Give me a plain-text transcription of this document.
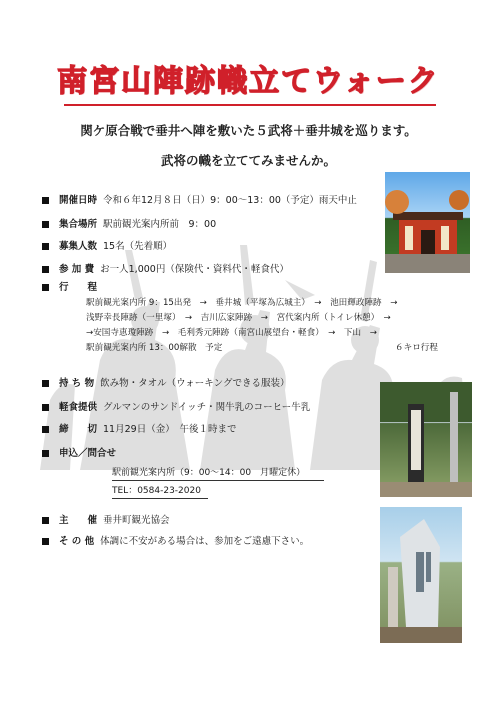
南宮山陣跡幟立てウォーク
関ケ原合戦で垂井へ陣を敷いた５武将＋垂井城を巡ります。
武将の幟を立ててみませんか。
開催日時 令和６年12月８日（日）9：00～13：00（予定）雨天中止
集合場所 駅前観光案内所前　9：00
募集人数 15名（先着順）
参 加 費 お一人1,000円（保険代・資料代・軽食代）
行　　程
駅前観光案内所 9：15出発　→　垂井城（平塚為広城主）　→　池田輝政陣跡　→
浅野幸長陣跡（一里塚）　→　吉川広家陣跡　→　宮代案内所（トイレ休憩）　→
→安国寺恵瓊陣跡　→　毛利秀元陣跡（南宮山展望台・軽食）　→　下山　→
駅前観光案内所 13：00解散　予定	６キロ行程
持 ち 物 飲み物・タオル（ウォーキングできる服装）
軽食提供 グルマンのサンドイッチ・関牛乳のコーヒー牛乳
締　　切 11月29日（金）　午後１時まで
申込／問合せ
駅前観光案内所（9：00～14：00　月曜定休）
TEL：0584-23-2020
主　　催 垂井町観光協会
そ の 他 体調に不安がある場合は、参加をご遠慮下さい。
